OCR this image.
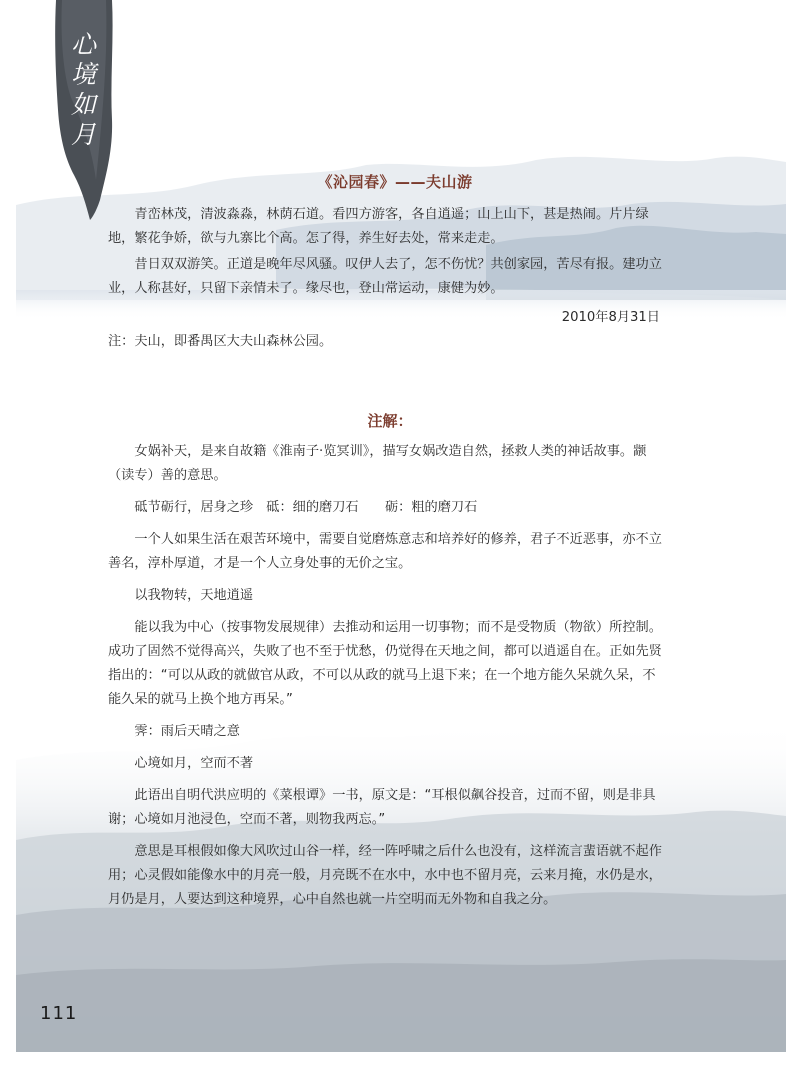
心
境
如
月
《沁园春》——夫山游

青峦林茂，清波淼淼，林荫石道。看四方游客，各自逍遥；山上山下，甚是热闹。片片绿地，繁花争娇，欲与九寨比个高。怎了得，养生好去处，常来走走。

昔日双双游笑。正道是晚年尽风骚。叹伊人去了，怎不伤忧？共创家园，苦尽有报。建功立业，人称甚好，只留下亲情未了。缘尽也，登山常运动，康健为妙。

2010年8月31日
注：夫山，即番禺区大夫山森林公园。
注解：

女娲补天，是来自故籍《淮南子·览冥训》，描写女娲改造自然，拯救人类的神话故事。颛（读专）善的意思。

砥节砺行，居身之珍　砥：细的磨刀石　　砺：粗的磨刀石

一个人如果生活在艰苦环境中，需要自觉磨炼意志和培养好的修养，君子不近恶事，亦不立善名，淳朴厚道，才是一个人立身处事的无价之宝。

以我物转，天地逍遥

能以我为中心（按事物发展规律）去推动和运用一切事物；而不是受物质（物欲）所控制。成功了固然不觉得高兴，失败了也不至于忧愁，仍觉得在天地之间，都可以逍遥自在。正如先贤指出的：“可以从政的就做官从政，不可以从政的就马上退下来；在一个地方能久呆就久呆，不能久呆的就马上换个地方再呆。”

霁：雨后天晴之意

心境如月，空而不著

此语出自明代洪应明的《菜根谭》一书，原文是：“耳根似飙谷投音，过而不留，则是非具谢；心境如月池浸色，空而不著，则物我两忘。”

意思是耳根假如像大风吹过山谷一样，经一阵呼啸之后什么也没有，这样流言蜚语就不起作用；心灵假如能像水中的月亮一般，月亮既不在水中，水中也不留月亮，云来月掩，水仍是水，月仍是月，人要达到这种境界，心中自然也就一片空明而无外物和自我之分。

111
